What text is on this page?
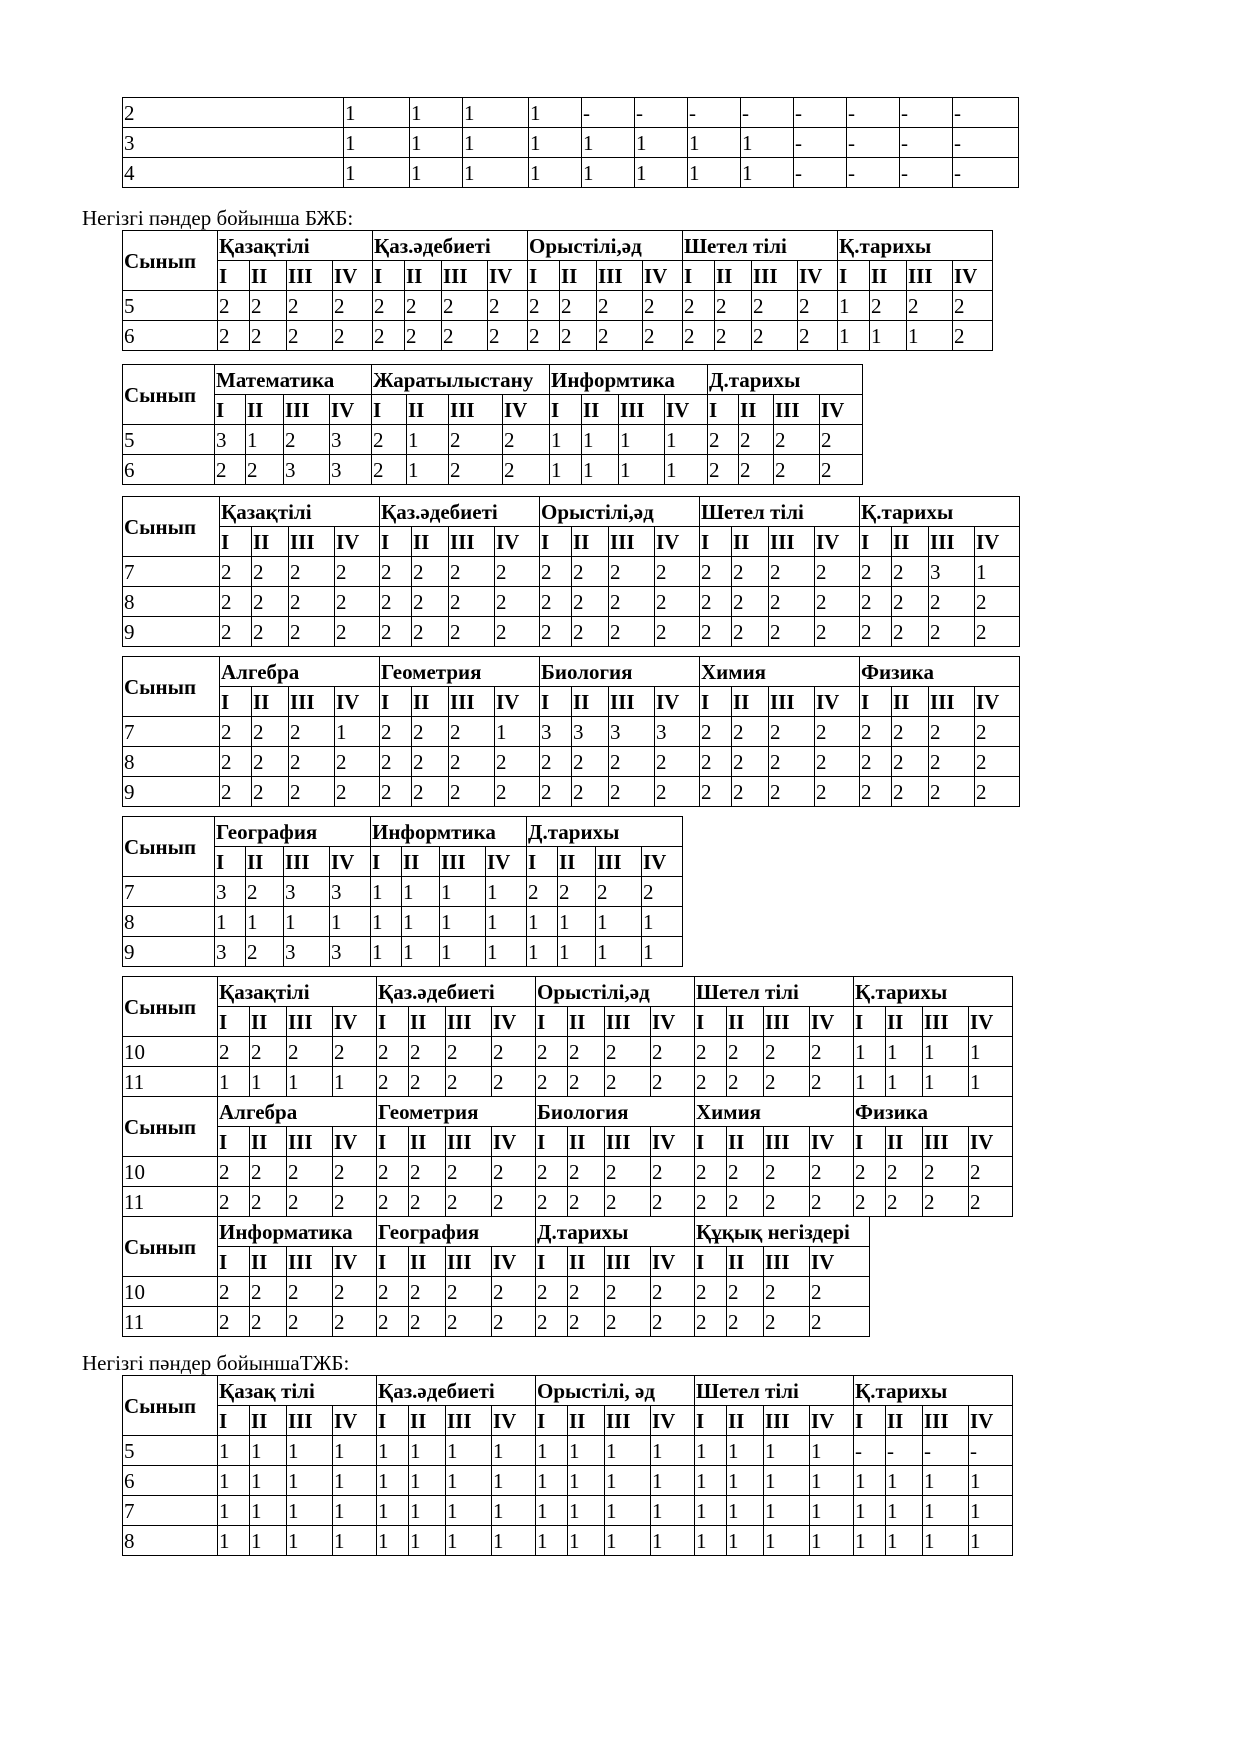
2	1	1	1	1	-	-	-	-	-	-	-	-
3	1	1	1	1	1	1	1	1	-	-	-	-
4	1	1	1	1	1	1	1	1	-	-	-	-
Негізгі пәндер бойынша БЖБ:
Сынып	Қазақтілі				Қаз.әдебиеті				Орыстілі,әд				Шетел тілі				Қ.тарихы			
	I	II	III	IV	I	II	III	IV	I	II	III	IV	I	II	III	IV	I	II	III	IV
5	2	2	2	2	2	2	2	2	2	2	2	2	2	2	2	2	1	2	2	2
6	2	2	2	2	2	2	2	2	2	2	2	2	2	2	2	2	1	1	1	2
Сынып	Математика				Жаратылыстану				Информтика				Д.тарихы			
	I	II	III	IV	I	II	III	IV	I	II	III	IV	I	II	III	IV
5	3	1	2	3	2	1	2	2	1	1	1	1	2	2	2	2
6	2	2	3	3	2	1	2	2	1	1	1	1	2	2	2	2
Сынып	Қазақтілі				Қаз.әдебиеті				Орыстілі,әд				Шетел тілі				Қ.тарихы			
	I	II	III	IV	I	II	III	IV	I	II	III	IV	I	II	III	IV	I	II	III	IV
7	2	2	2	2	2	2	2	2	2	2	2	2	2	2	2	2	2	2	3	1
8	2	2	2	2	2	2	2	2	2	2	2	2	2	2	2	2	2	2	2	2
9	2	2	2	2	2	2	2	2	2	2	2	2	2	2	2	2	2	2	2	2
Сынып	Алгебра				Геометрия				Биология				Химия				Физика			
	I	II	III	IV	I	II	III	IV	I	II	III	IV	I	II	III	IV	I	II	III	IV
7	2	2	2	1	2	2	2	1	3	3	3	3	2	2	2	2	2	2	2	2
8	2	2	2	2	2	2	2	2	2	2	2	2	2	2	2	2	2	2	2	2
9	2	2	2	2	2	2	2	2	2	2	2	2	2	2	2	2	2	2	2	2
Сынып	География				Информтика				Д.тарихы			
	I	II	III	IV	I	II	III	IV	I	II	III	IV
7	3	2	3	3	1	1	1	1	2	2	2	2
8	1	1	1	1	1	1	1	1	1	1	1	1
9	3	2	3	3	1	1	1	1	1	1	1	1
Сынып	Қазақтілі				Қаз.әдебиеті				Орыстілі,әд				Шетел тілі				Қ.тарихы			
	I	II	III	IV	I	II	III	IV	I	II	III	IV	I	II	III	IV	I	II	III	IV
10	2	2	2	2	2	2	2	2	2	2	2	2	2	2	2	2	1	1	1	1
11	1	1	1	1	2	2	2	2	2	2	2	2	2	2	2	2	1	1	1	1
Сынып	Алгебра				Геометрия				Биология				Химия				Физика			
	I	II	III	IV	I	II	III	IV	I	II	III	IV	I	II	III	IV	I	II	III	IV
10	2	2	2	2	2	2	2	2	2	2	2	2	2	2	2	2	2	2	2	2
11	2	2	2	2	2	2	2	2	2	2	2	2	2	2	2	2	2	2	2	2
Сынып	Информатика				География				Д.тарихы				Құқық негіздері			
	I	II	III	IV	I	II	III	IV	I	II	III	IV	I	II	III	IV
10	2	2	2	2	2	2	2	2	2	2	2	2	2	2	2	2
11	2	2	2	2	2	2	2	2	2	2	2	2	2	2	2	2
Негізгі пәндер бойыншаТЖБ:
Сынып	Қазақ тілі				Қаз.әдебиеті				Орыстілі, әд				Шетел тілі				Қ.тарихы			
	I	II	III	IV	I	II	III	IV	I	II	III	IV	I	II	III	IV	I	II	III	IV
5	1	1	1	1	1	1	1	1	1	1	1	1	1	1	1	1	-	-	-	-
6	1	1	1	1	1	1	1	1	1	1	1	1	1	1	1	1	1	1	1	1
7	1	1	1	1	1	1	1	1	1	1	1	1	1	1	1	1	1	1	1	1
8	1	1	1	1	1	1	1	1	1	1	1	1	1	1	1	1	1	1	1	1
